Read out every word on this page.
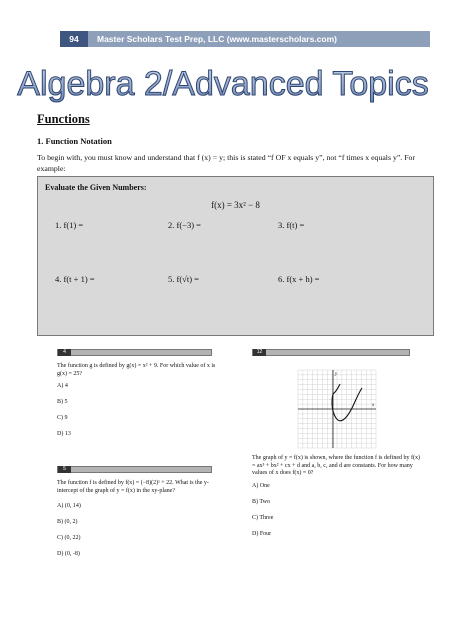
94	Master Scholars Test Prep, LLC (www.masterscholars.com)
Algebra 2/Advanced Topics
Functions
1. Function Notation

To begin with, you must know and understand that f (x) = y; this is stated “f OF x equals y”, not “f times x equals y”. For example:

Evaluate the Given Numbers:

f(x) = 3x² − 8

1. f(1) =	2. f(−3) =	3. f(t) =

4. f(t + 1) =	5. f(√t) =	6. f(x + h) =

4

The function g is defined by g(x) = x² + 9. For which value of x is g(x) = 25?

A) 4

B) 5

C) 9

D) 13

5

The function f is defined by f(x) = (−8)(2)ˣ + 22. What is the y-intercept of the graph of y = f(x) in the xy-plane?

A) (0, 14)

B) (0, 2)

C) (0, 22)

D) (0, -8)

12
y
x

The graph of y = f(x) is shown, where the function f is defined by f(x) = ax³ + bx² + cx + d and a, b, c, and d are constants. For how many values of x does f(x) = 0?

A) One

B) Two

C) Three

D) Four
